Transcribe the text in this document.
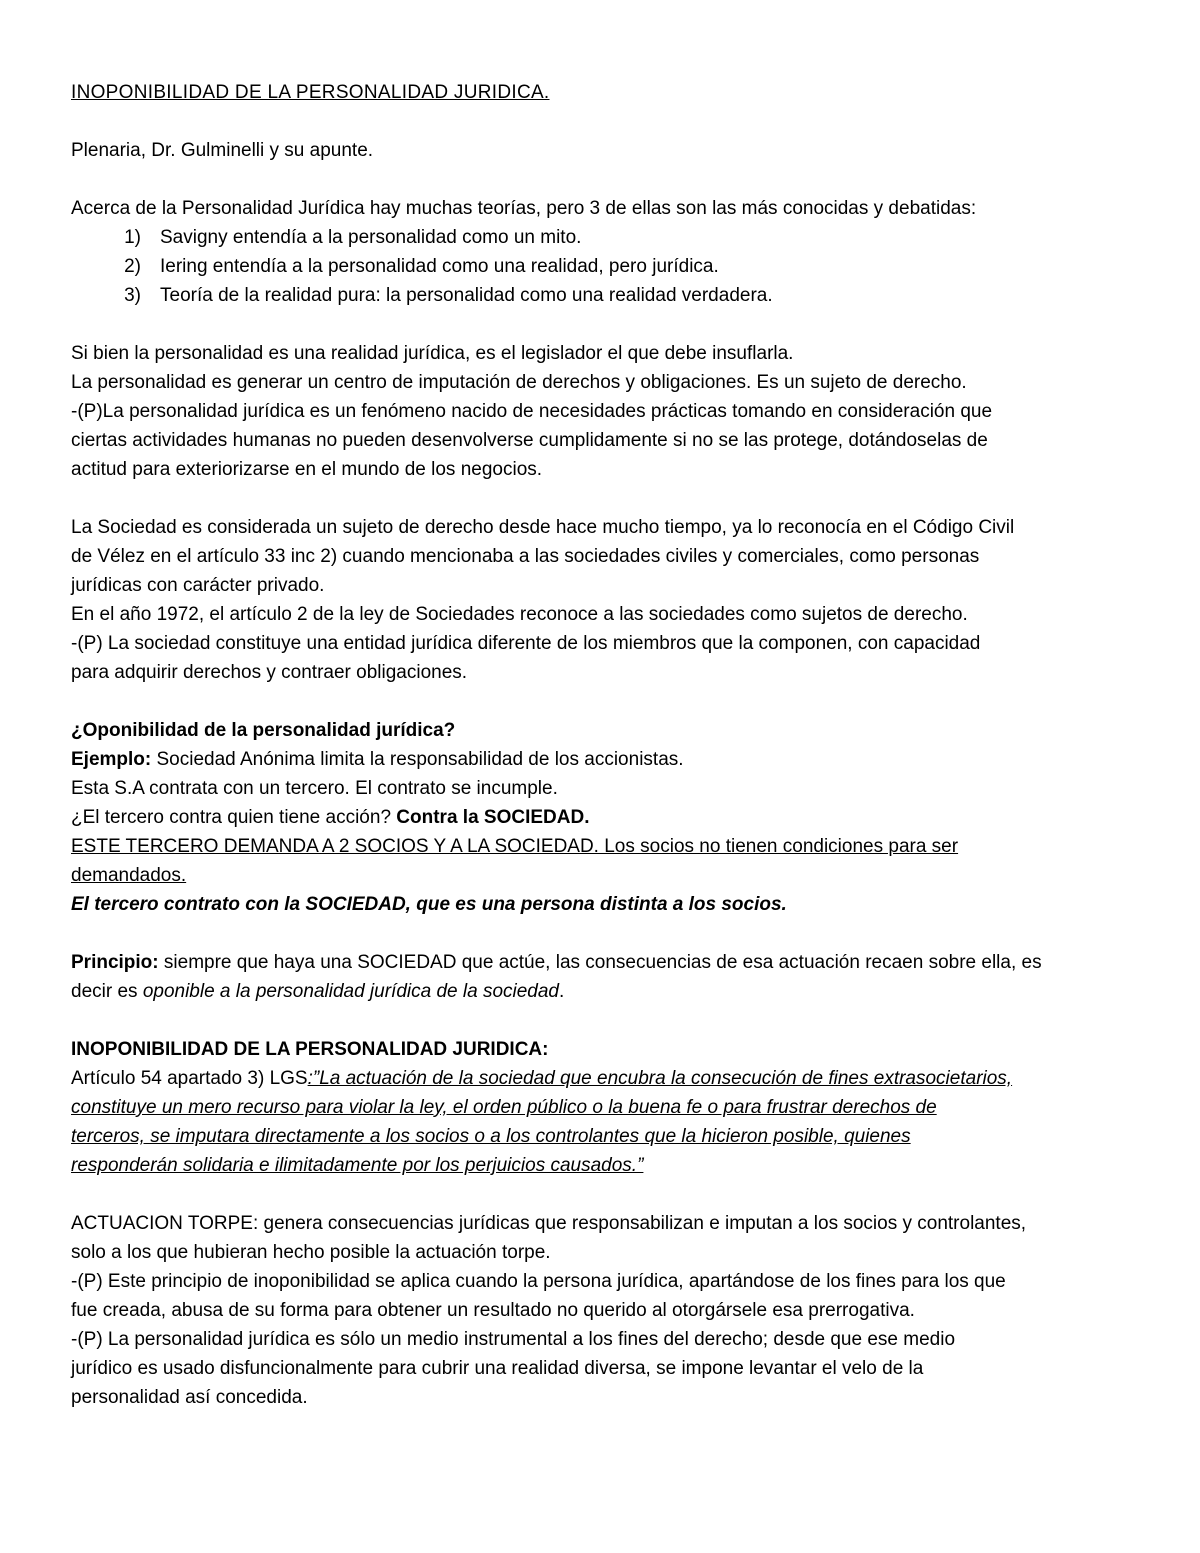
INOPONIBILIDAD DE LA PERSONALIDAD JURIDICA.
Plenaria, Dr. Gulminelli y su apunte.
Acerca de la Personalidad Jurídica hay muchas teorías, pero 3 de ellas son las más conocidas y debatidas:
1)	Savigny entendía a la personalidad como un mito.
2)	Iering entendía a la personalidad como una realidad, pero jurídica.
3)	Teoría de la realidad pura: la personalidad como una realidad verdadera.
Si bien la personalidad es una realidad jurídica, es el legislador el que debe insuflarla.
La personalidad es generar un centro de imputación de derechos y obligaciones. Es un sujeto de derecho.
-(P)La personalidad jurídica es un fenómeno nacido de necesidades prácticas tomando en consideración que
ciertas actividades humanas no pueden desenvolverse cumplidamente si no se las protege, dotándoselas de
actitud para exteriorizarse en el mundo de los negocios.
La Sociedad es considerada un sujeto de derecho desde hace mucho tiempo, ya lo reconocía en el Código Civil
de Vélez en el artículo 33 inc 2) cuando mencionaba a las sociedades civiles y comerciales, como personas
jurídicas con carácter privado.
En el año 1972, el artículo 2 de la ley de Sociedades reconoce a las sociedades como sujetos de derecho.
-(P) La sociedad constituye una entidad jurídica diferente de los miembros que la componen, con capacidad
para adquirir derechos y contraer obligaciones.
¿Oponibilidad de la personalidad jurídica?
Ejemplo: Sociedad Anónima limita la responsabilidad de los accionistas.
Esta S.A contrata con un tercero. El contrato se incumple.
¿El tercero contra quien tiene acción? Contra la SOCIEDAD.
ESTE TERCERO DEMANDA A 2 SOCIOS Y A LA SOCIEDAD. Los socios no tienen condiciones para ser
demandados.
El tercero contrato con la SOCIEDAD, que es una persona distinta a los socios.
Principio: siempre que haya una SOCIEDAD que actúe, las consecuencias de esa actuación recaen sobre ella, es
decir es oponible a la personalidad jurídica de la sociedad.
INOPONIBILIDAD DE LA PERSONALIDAD JURIDICA:
Artículo 54 apartado 3) LGS:”La actuación de la sociedad que encubra la consecución de fines extrasocietarios,
constituye un mero recurso para violar la ley, el orden público o la buena fe o para frustrar derechos de
terceros, se imputara directamente a los socios o a los controlantes que la hicieron posible, quienes
responderán solidaria e ilimitadamente por los perjuicios causados.”
ACTUACION TORPE: genera consecuencias jurídicas que responsabilizan e imputan a los socios y controlantes,
solo a los que hubieran hecho posible la actuación torpe.
-(P) Este principio de inoponibilidad se aplica cuando la persona jurídica, apartándose de los fines para los que
fue creada, abusa de su forma para obtener un resultado no querido al otorgársele esa prerrogativa.
-(P) La personalidad jurídica es sólo un medio instrumental a los fines del derecho; desde que ese medio
jurídico es usado disfuncionalmente para cubrir una realidad diversa, se impone levantar el velo de la
personalidad así concedida.
